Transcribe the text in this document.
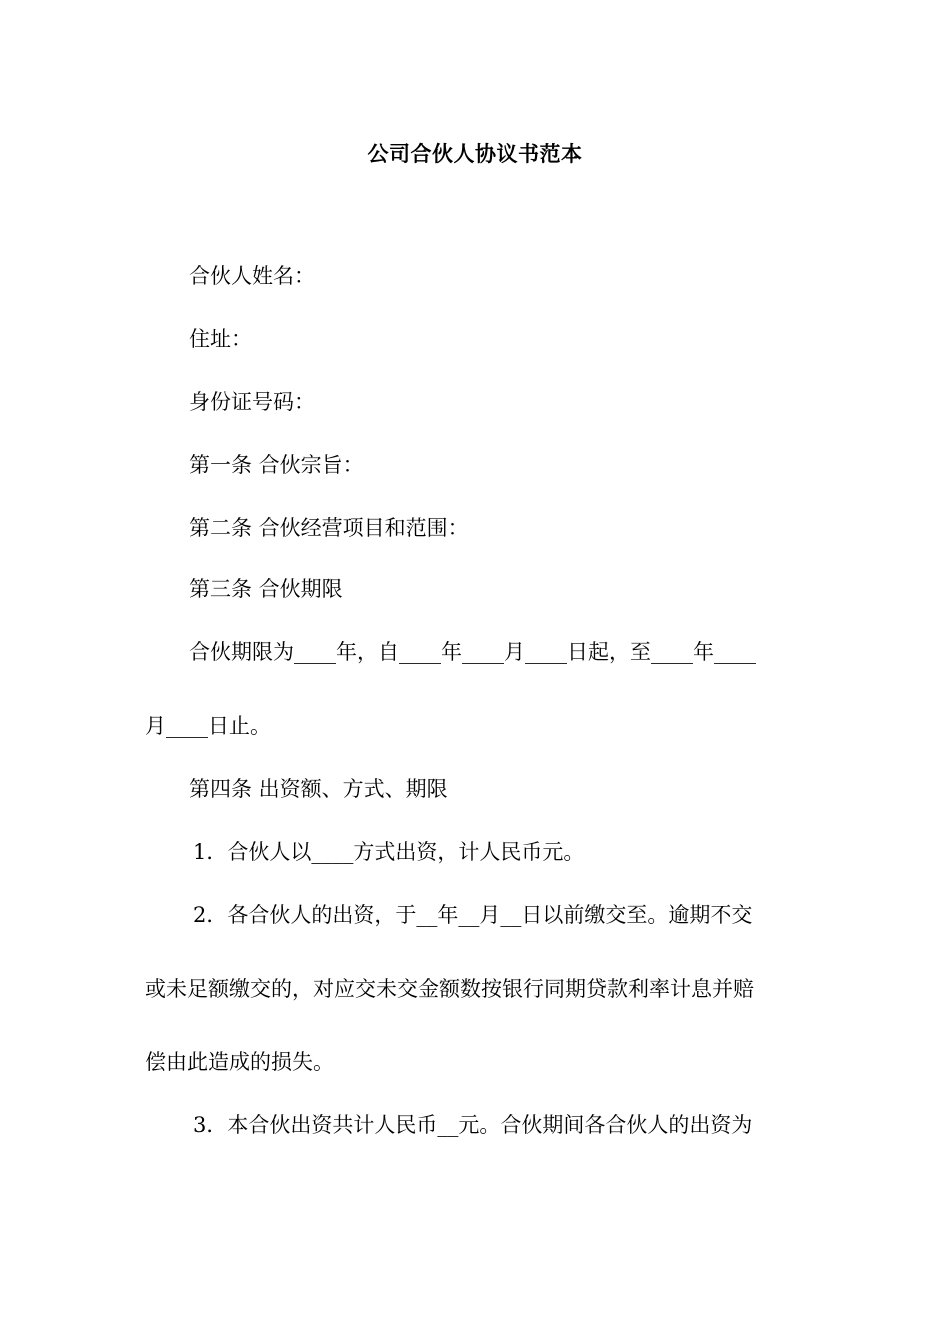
公司合伙人协议书范本
合伙人姓名：
住址：
身份证号码：
第一条 合伙宗旨：
第二条 合伙经营项目和范围：
第三条 合伙期限
合伙期限为____年，自____年____月____日起，至____年____
月____日止。
第四条 出资额、方式、期限
1．合伙人以____方式出资，计人民币元。
2．各合伙人的出资，于__年__月__日以前缴交至。逾期不交
或未足额缴交的，对应交未交金额数按银行同期贷款利率计息并赔
偿由此造成的损失。
3．本合伙出资共计人民币__元。合伙期间各合伙人的出资为
